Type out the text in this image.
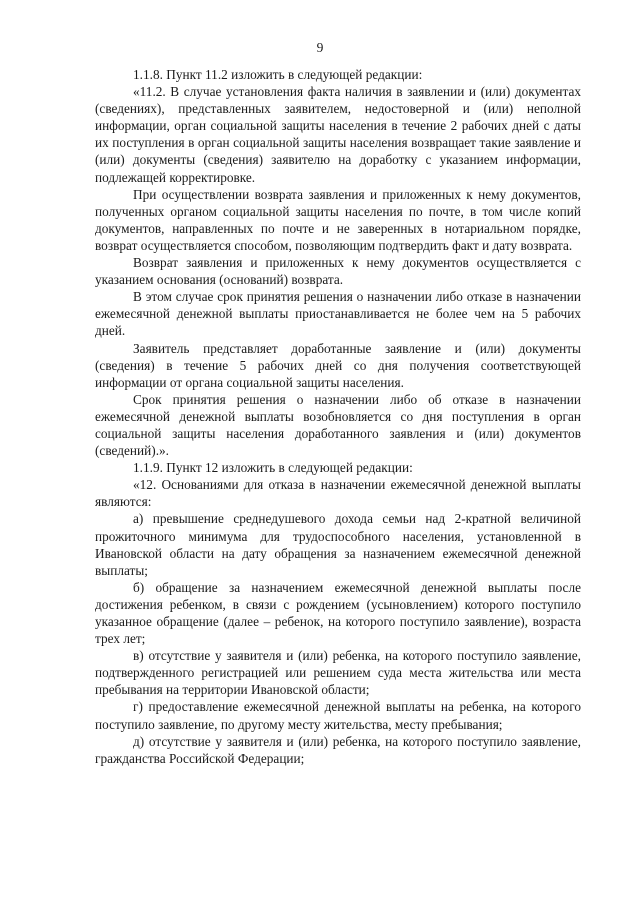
9

1.1.8. Пункт 11.2 изложить в следующей редакции:

«11.2. В случае установления факта наличия в заявлении и (или) документах (сведениях), представленных заявителем, недостоверной и (или) неполной информации, орган социальной защиты населения в течение 2 рабочих дней с даты их поступления в орган социальной защиты населения возвращает такие заявление и (или) документы (сведения) заявителю на доработку с указанием информации, подлежащей корректировке.

При осуществлении возврата заявления и приложенных к нему документов, полученных органом социальной защиты населения по почте, в том числе копий документов, направленных по почте и не заверенных в нотариальном порядке, возврат осуществляется способом, позволяющим подтвердить факт и дату возврата.

Возврат заявления и приложенных к нему документов осуществляется с указанием основания (оснований) возврата.

В этом случае срок принятия решения о назначении либо отказе в назначении ежемесячной денежной выплаты приостанавливается не более чем на 5 рабочих дней.

Заявитель представляет доработанные заявление и (или) документы (сведения) в течение 5 рабочих дней со дня получения соответствующей информации от органа социальной защиты населения.

Срок принятия решения о назначении либо об отказе в назначении ежемесячной денежной выплаты возобновляется со дня поступления в орган социальной защиты населения доработанного заявления и (или) документов (сведений).».

1.1.9. Пункт 12 изложить в следующей редакции:

«12. Основаниями для отказа в назначении ежемесячной денежной выплаты являются:

а) превышение среднедушевого дохода семьи над 2-кратной величиной прожиточного минимума для трудоспособного населения, установленной в Ивановской области на дату обращения за назначением ежемесячной денежной выплаты;

б) обращение за назначением ежемесячной денежной выплаты после достижения ребенком, в связи с рождением (усыновлением) которого поступило указанное обращение (далее – ребенок, на которого поступило заявление), возраста трех лет;

в) отсутствие у заявителя и (или) ребенка, на которого поступило заявление, подтвержденного регистрацией или решением суда места жительства или места пребывания на территории Ивановской области;

г) предоставление ежемесячной денежной выплаты на ребенка, на которого поступило заявление, по другому месту жительства, месту пребывания;

д) отсутствие у заявителя и (или) ребенка, на которого поступило заявление, гражданства Российской Федерации;
